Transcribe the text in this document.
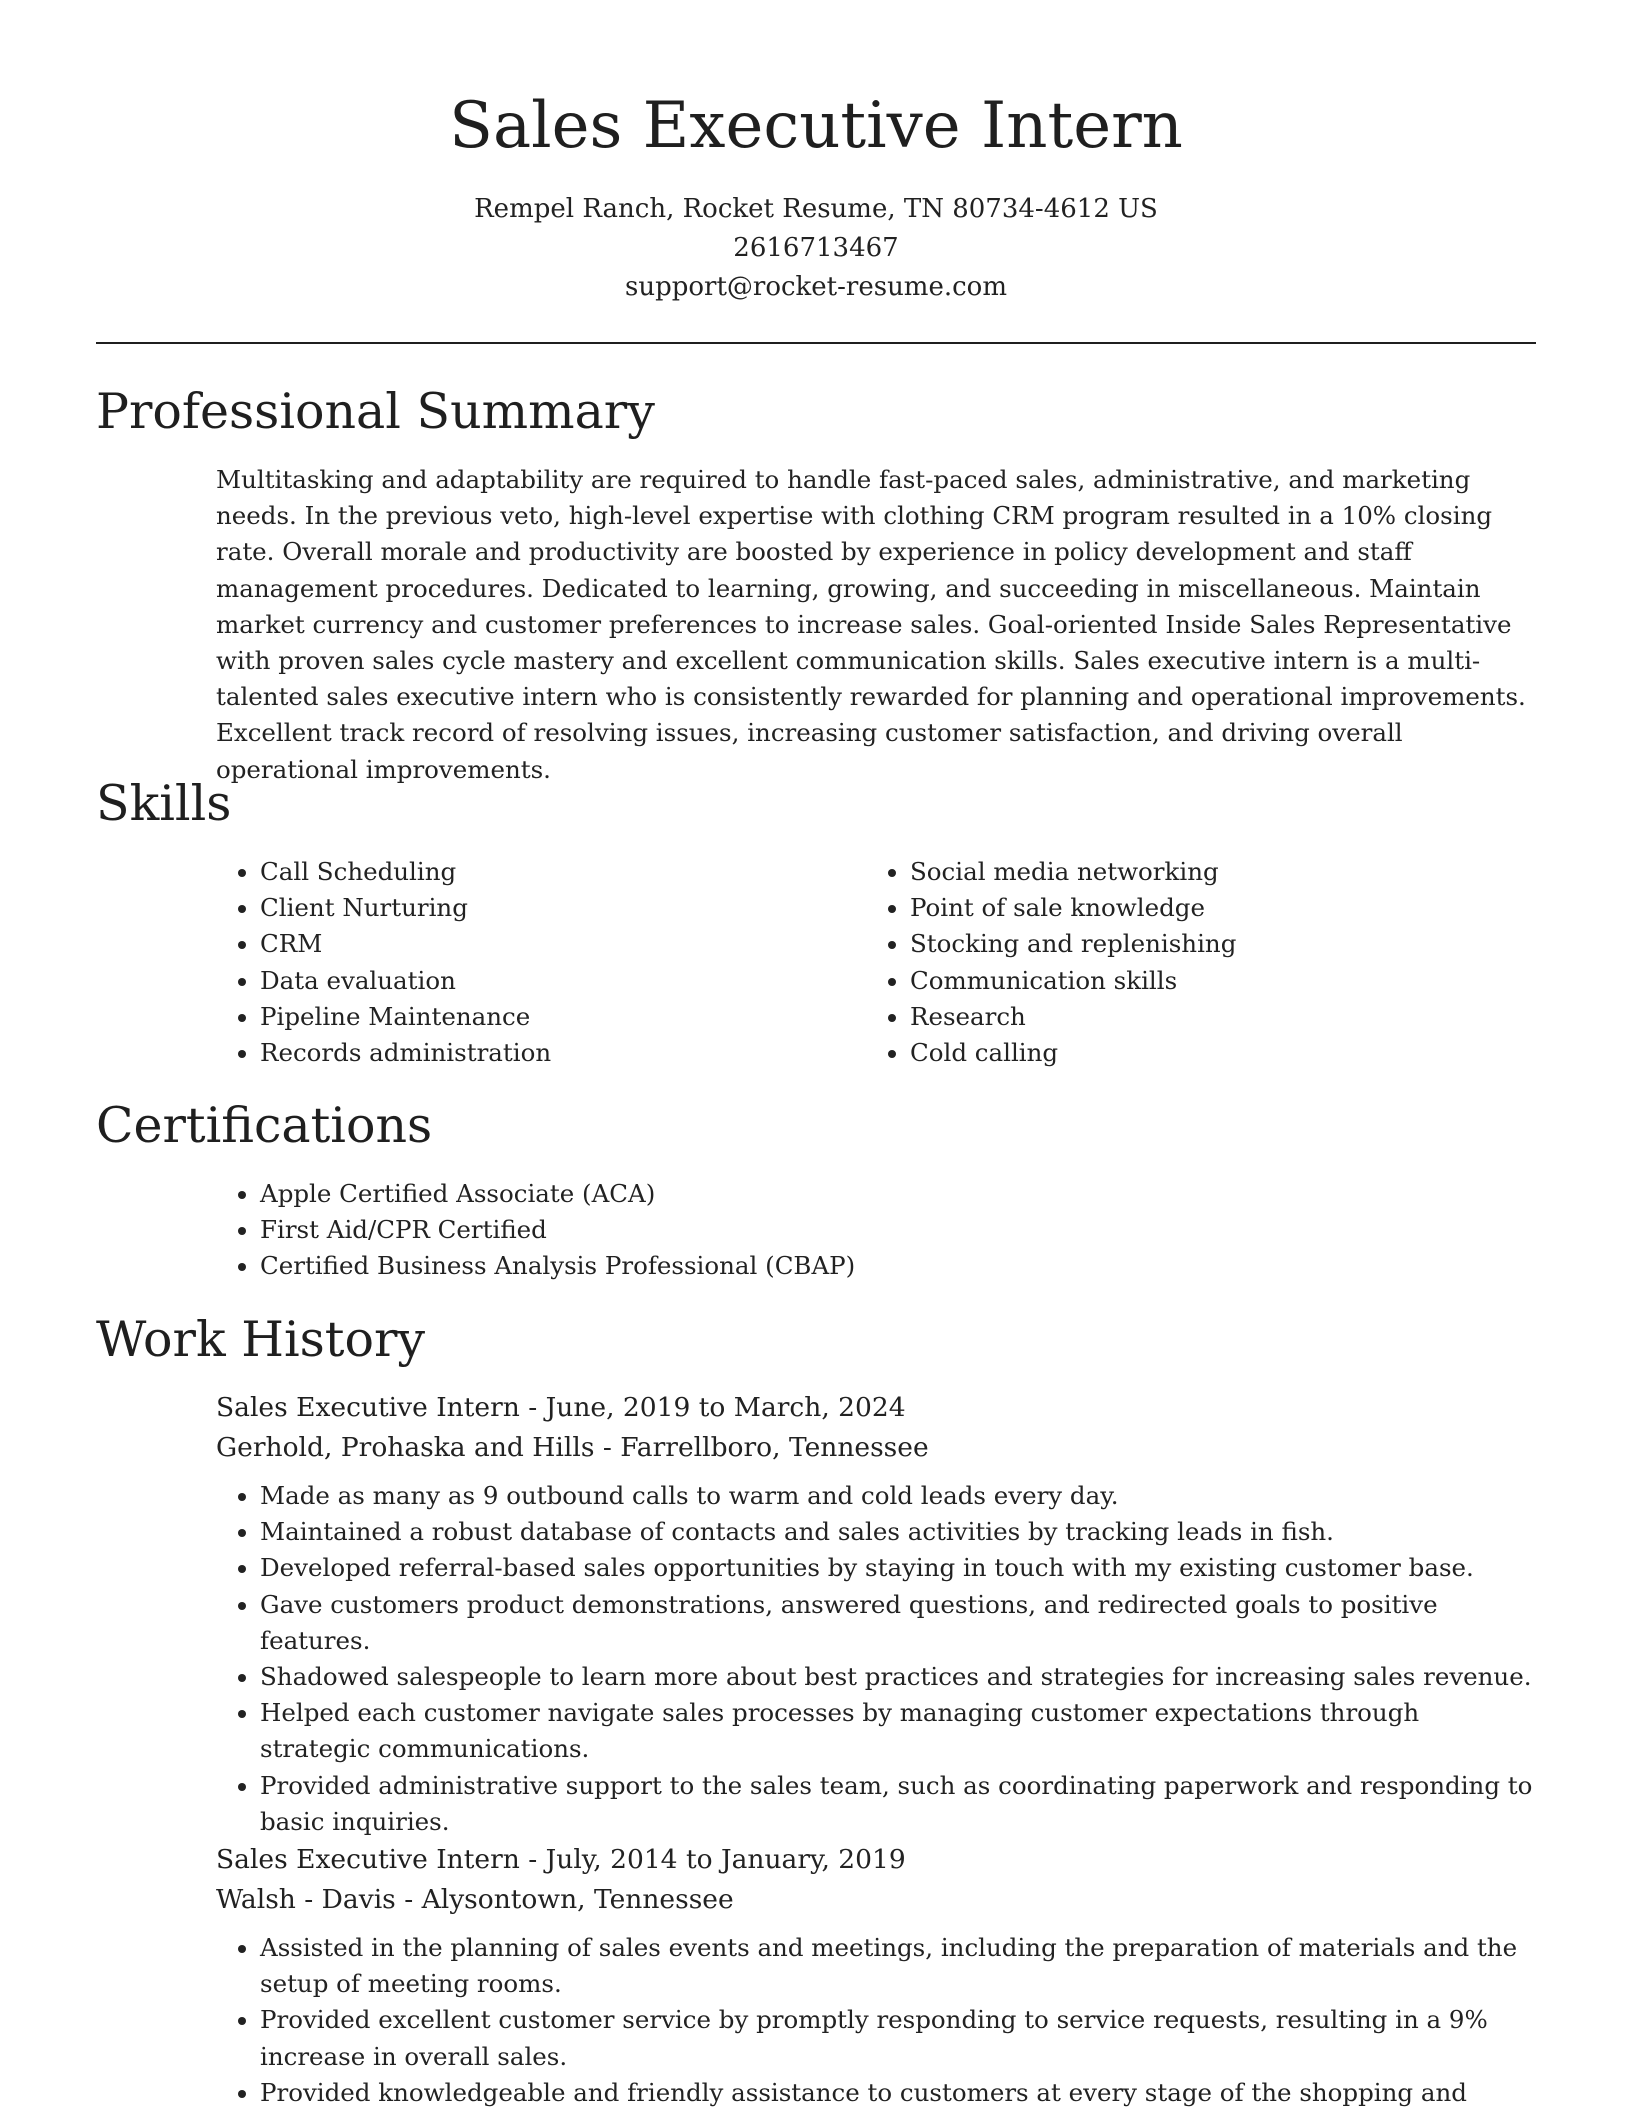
Sales Executive Intern
Rempel Ranch, Rocket Resume, TN 80734-4612 US
2616713467
support@rocket-resume.com
Professional Summary

Multitasking and adaptability are required to handle fast-paced sales, administrative, and marketing needs. In the previous veto, high-level expertise with clothing CRM program resulted in a 10% closing rate. Overall morale and productivity are boosted by experience in policy development and staff management procedures. Dedicated to learning, growing, and succeeding in miscellaneous. Maintain market currency and customer preferences to increase sales. Goal-oriented Inside Sales Representative with proven sales cycle mastery and excellent communication skills. Sales executive intern is a multi-talented sales executive intern who is consistently rewarded for planning and operational improvements. Excellent track record of resolving issues, increasing customer satisfaction, and driving overall operational improvements.

Skills
• Call Scheduling
• Client Nurturing
• CRM
• Data evaluation
• Pipeline Maintenance
• Records administration
• Social media networking
• Point of sale knowledge
• Stocking and replenishing
• Communication skills
• Research
• Cold calling
Certifications
• Apple Certified Associate (ACA)
• First Aid/CPR Certified
• Certified Business Analysis Professional (CBAP)
Work History
Sales Executive Intern - June, 2019 to March, 2024
Gerhold, Prohaska and Hills - Farrellboro, Tennessee
• Made as many as 9 outbound calls to warm and cold leads every day.
• Maintained a robust database of contacts and sales activities by tracking leads in fish.
• Developed referral-based sales opportunities by staying in touch with my existing customer base.
• Gave customers product demonstrations, answered questions, and redirected goals to positive features.
• Shadowed salespeople to learn more about best practices and strategies for increasing sales revenue.
• Helped each customer navigate sales processes by managing customer expectations through strategic communications.
• Provided administrative support to the sales team, such as coordinating paperwork and responding to basic inquiries.
Sales Executive Intern - July, 2014 to January, 2019
Walsh - Davis - Alysontown, Tennessee
• Assisted in the planning of sales events and meetings, including the preparation of materials and the setup of meeting rooms.
• Provided excellent customer service by promptly responding to service requests, resulting in a 9% increase in overall sales.
• Provided knowledgeable and friendly assistance to customers at every stage of the shopping and
